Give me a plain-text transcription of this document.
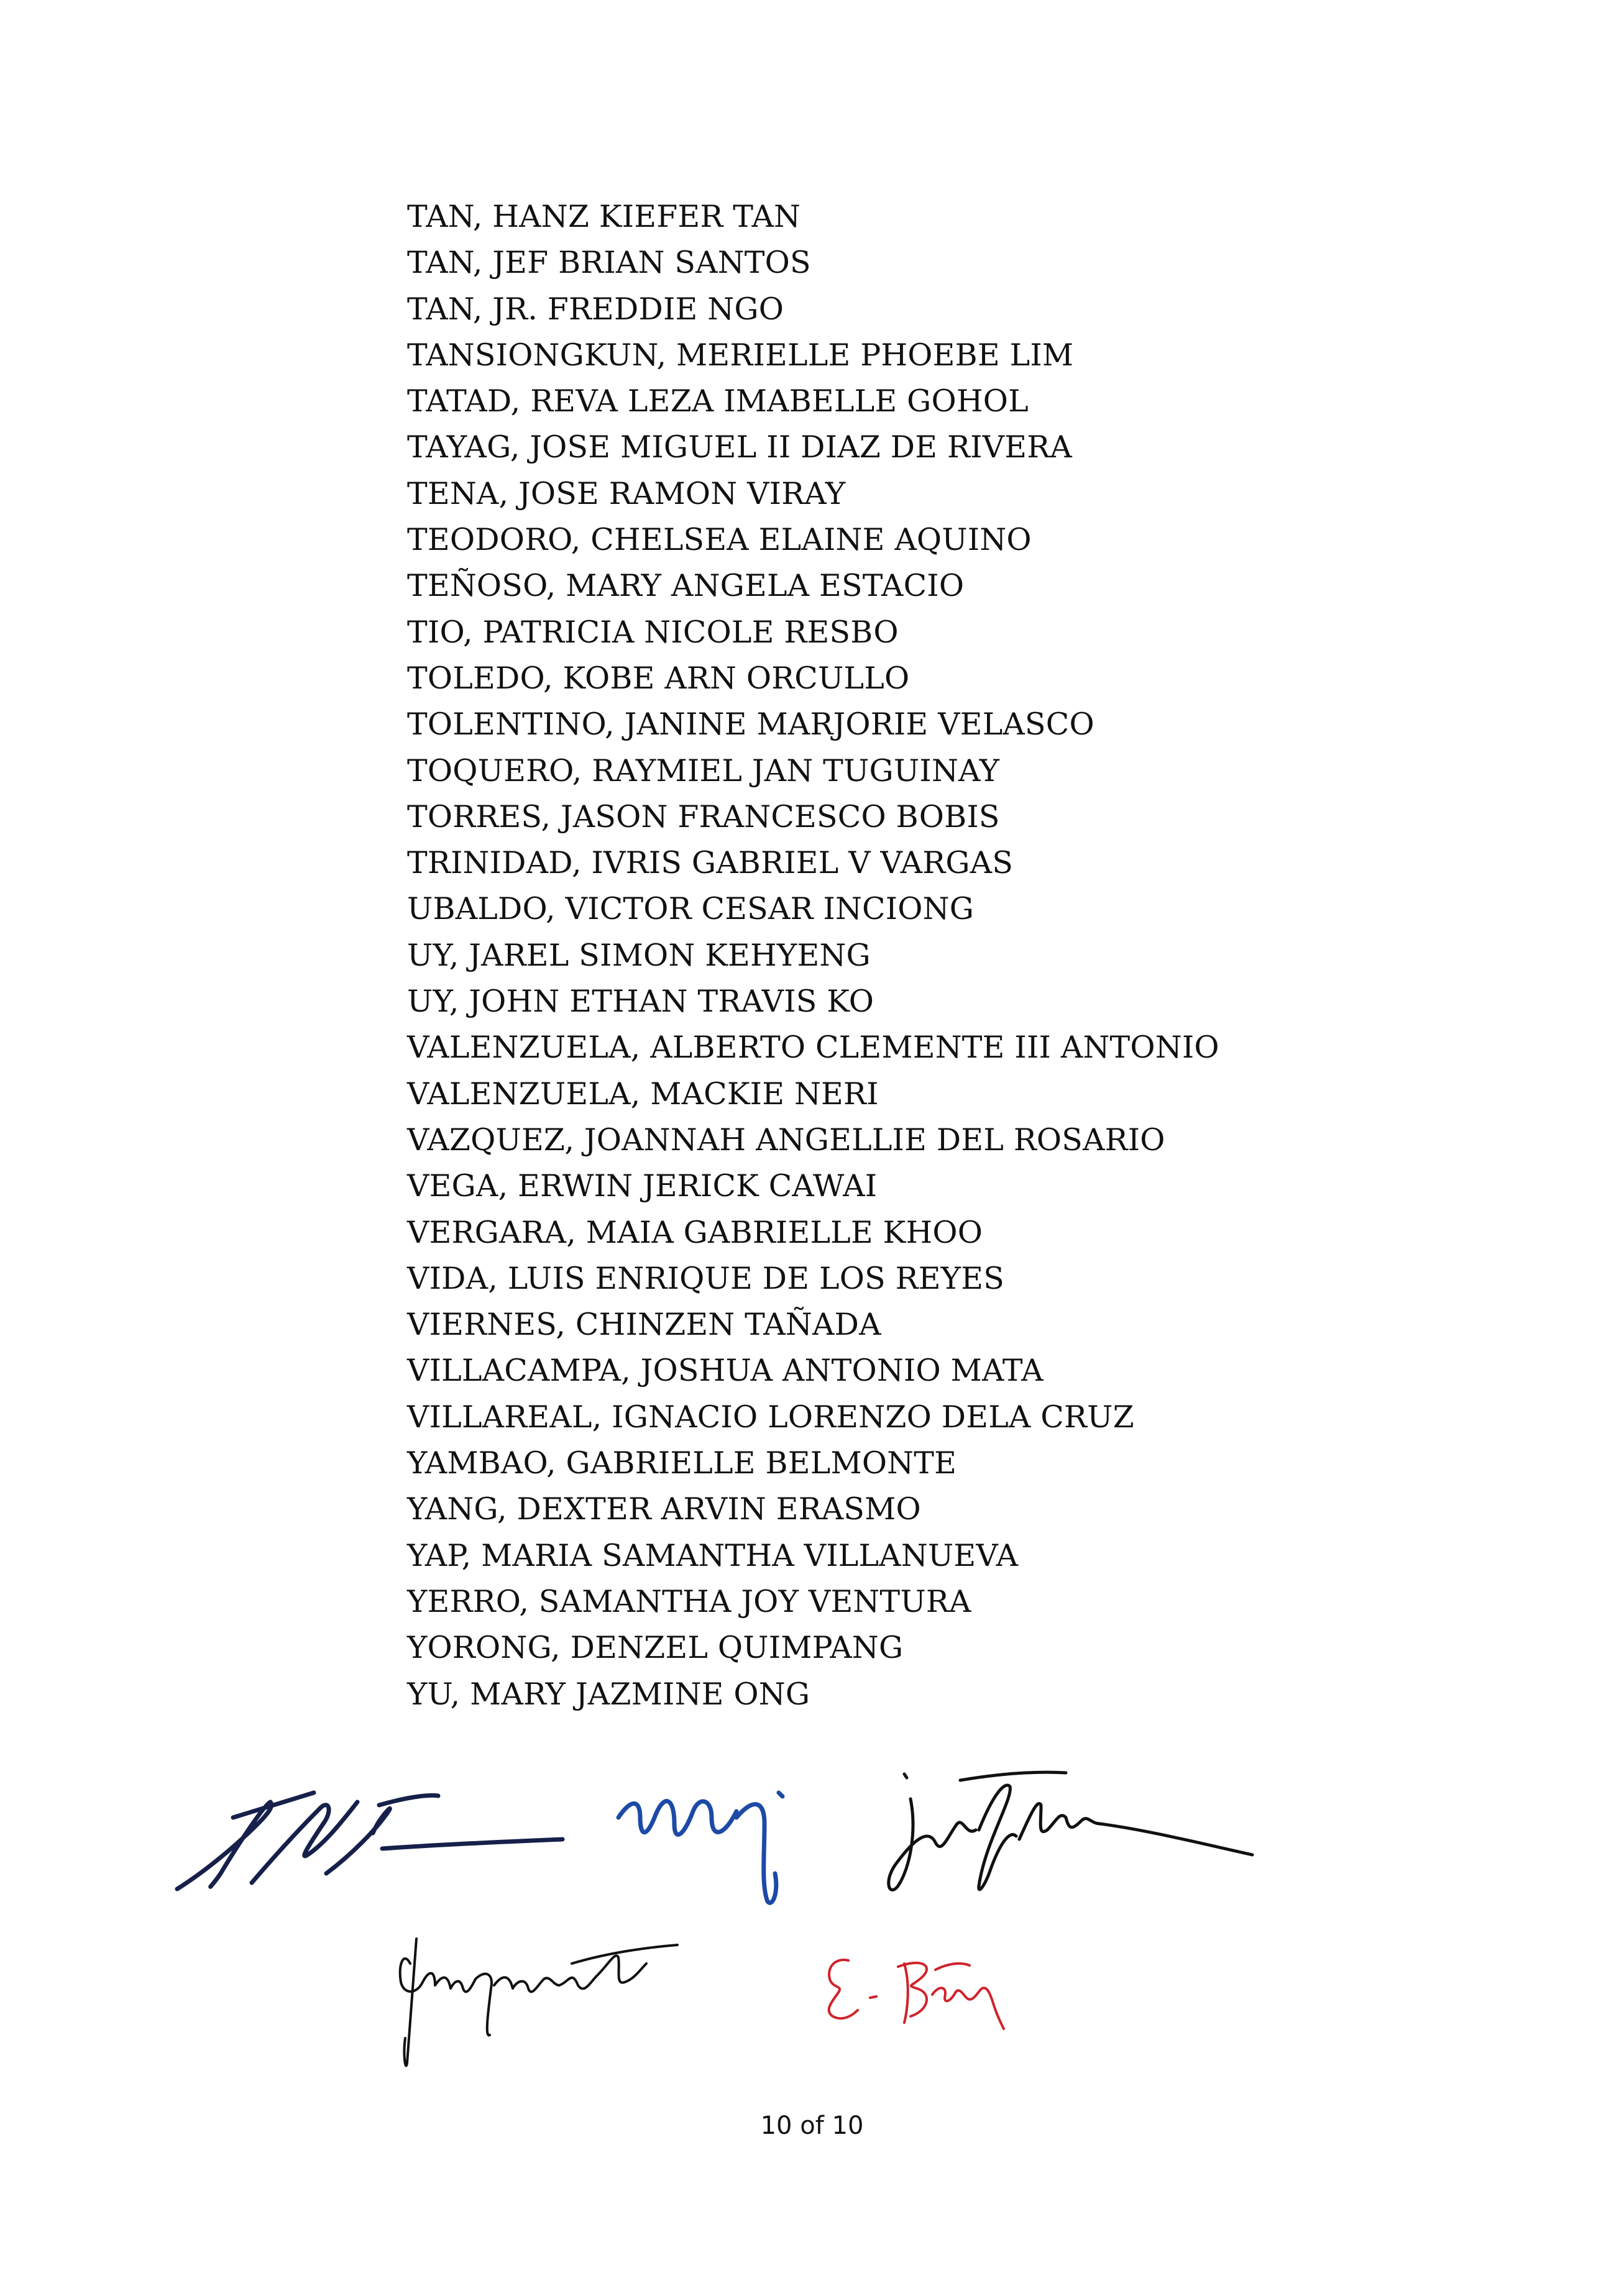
TAN, HANZ KIEFER TAN
TAN, JEF BRIAN SANTOS
TAN, JR. FREDDIE NGO
TANSIONGKUN, MERIELLE PHOEBE LIM
TATAD, REVA LEZA IMABELLE GOHOL
TAYAG, JOSE MIGUEL II DIAZ DE RIVERA
TENA, JOSE RAMON VIRAY
TEODORO, CHELSEA ELAINE AQUINO
TEÑOSO, MARY ANGELA ESTACIO
TIO, PATRICIA NICOLE RESBO
TOLEDO, KOBE ARN ORCULLO
TOLENTINO, JANINE MARJORIE VELASCO
TOQUERO, RAYMIEL JAN TUGUINAY
TORRES, JASON FRANCESCO BOBIS
TRINIDAD, IVRIS GABRIEL V VARGAS
UBALDO, VICTOR CESAR INCIONG
UY, JAREL SIMON KEHYENG
UY, JOHN ETHAN TRAVIS KO
VALENZUELA, ALBERTO CLEMENTE III ANTONIO
VALENZUELA, MACKIE NERI
VAZQUEZ, JOANNAH ANGELLIE DEL ROSARIO
VEGA, ERWIN JERICK CAWAI
VERGARA, MAIA GABRIELLE KHOO
VIDA, LUIS ENRIQUE DE LOS REYES
VIERNES, CHINZEN TAÑADA
VILLACAMPA, JOSHUA ANTONIO MATA
VILLAREAL, IGNACIO LORENZO DELA CRUZ
YAMBAO, GABRIELLE BELMONTE
YANG, DEXTER ARVIN ERASMO
YAP, MARIA SAMANTHA VILLANUEVA
YERRO, SAMANTHA JOY VENTURA
YORONG, DENZEL QUIMPANG
YU, MARY JAZMINE ONG
10 of 10
